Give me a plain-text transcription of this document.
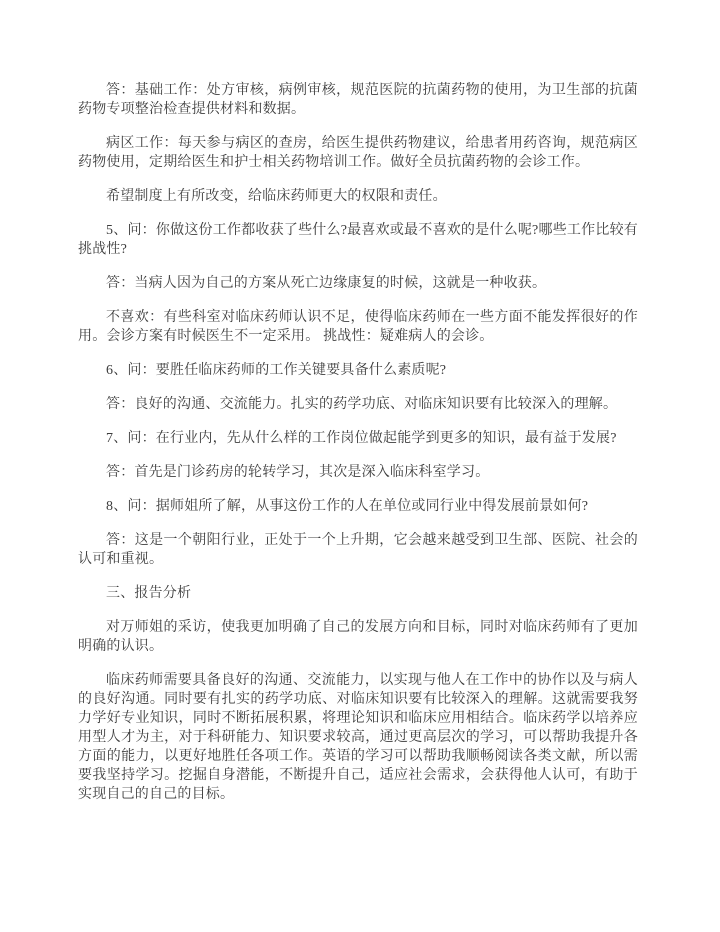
答：基础工作：处方审核，病例审核，规范医院的抗菌药物的使用，为卫生部的抗菌药物专项整治检查提供材料和数据。

病区工作：每天参与病区的查房，给医生提供药物建议，给患者用药咨询，规范病区药物使用，定期给医生和护士相关药物培训工作。做好全员抗菌药物的会诊工作。

希望制度上有所改变，给临床药师更大的权限和责任。

5、问：你做这份工作都收获了些什么?最喜欢或最不喜欢的是什么呢?哪些工作比较有挑战性?

答：当病人因为自己的方案从死亡边缘康复的时候，这就是一种收获。

不喜欢：有些科室对临床药师认识不足，使得临床药师在一些方面不能发挥很好的作用。会诊方案有时候医生不一定采用。 挑战性：疑难病人的会诊。

6、问：要胜任临床药师的工作关键要具备什么素质呢?

答：良好的沟通、交流能力。扎实的药学功底、对临床知识要有比较深入的理解。

7、问：在行业内，先从什么样的工作岗位做起能学到更多的知识，最有益于发展?

答：首先是门诊药房的轮转学习，其次是深入临床科室学习。

8、问：据师姐所了解，从事这份工作的人在单位或同行业中得发展前景如何?

答：这是一个朝阳行业，正处于一个上升期，它会越来越受到卫生部、医院、社会的认可和重视。

三、报告分析

对万师姐的采访，使我更加明确了自己的发展方向和目标，同时对临床药师有了更加明确的认识。

临床药师需要具备良好的沟通、交流能力，以实现与他人在工作中的协作以及与病人的良好沟通。同时要有扎实的药学功底、对临床知识要有比较深入的理解。这就需要我努力学好专业知识，同时不断拓展积累，将理论知识和临床应用相结合。临床药学以培养应用型人才为主，对于科研能力、知识要求较高，通过更高层次的学习，可以帮助我提升各方面的能力，以更好地胜任各项工作。英语的学习可以帮助我顺畅阅读各类文献，所以需要我坚持学习。挖掘自身潜能，不断提升自己，适应社会需求，会获得他人认可，有助于实现自己的自己的目标。
